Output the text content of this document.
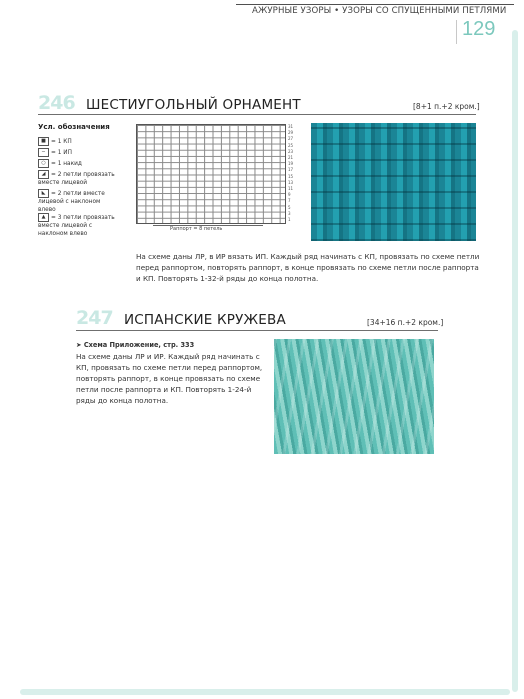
АЖУРНЫЕ УЗОРЫ • УЗОРЫ СО СПУЩЕННЫМИ ПЕТЛЯМИ
129
246 ШЕСТИУГОЛЬНЫЙ ОРНАМЕНТ	[8+1 п.+2 кром.]
Усл. обозначения
■ = 1 КП
− = 1 ИП
○ = 1 накид
◢ = 2 петли провязать вместе лицевой
◣ = 2 петли вместе лицевой с наклоном влево
▲ = 3 петли провязать вместе лицевой с наклоном влево
31
29
27
25
23
21
19
17
15
13
11
9
7
5
3
1
Раппорт = 8 петель
На схеме даны ЛР, в ИР вязать ИП. Каждый ряд начинать с КП, провязать по схеме петли перед раппортом, повторять раппорт, в конце провязать по схеме петли после раппорта и КП. Повторять 1-32-й ряды до конца полотна.
247 ИСПАНСКИЕ КРУЖЕВА	[34+16 п.+2 кром.]
➤ Схема Приложение, стр. 333
На схеме даны ЛР и ИР. Каждый ряд начинать с КП, провязать по схеме петли перед раппортом, повторять раппорт, в конце провязать по схеме петли после раппорта и КП. Повторять 1-24-й ряды до конца полотна.
